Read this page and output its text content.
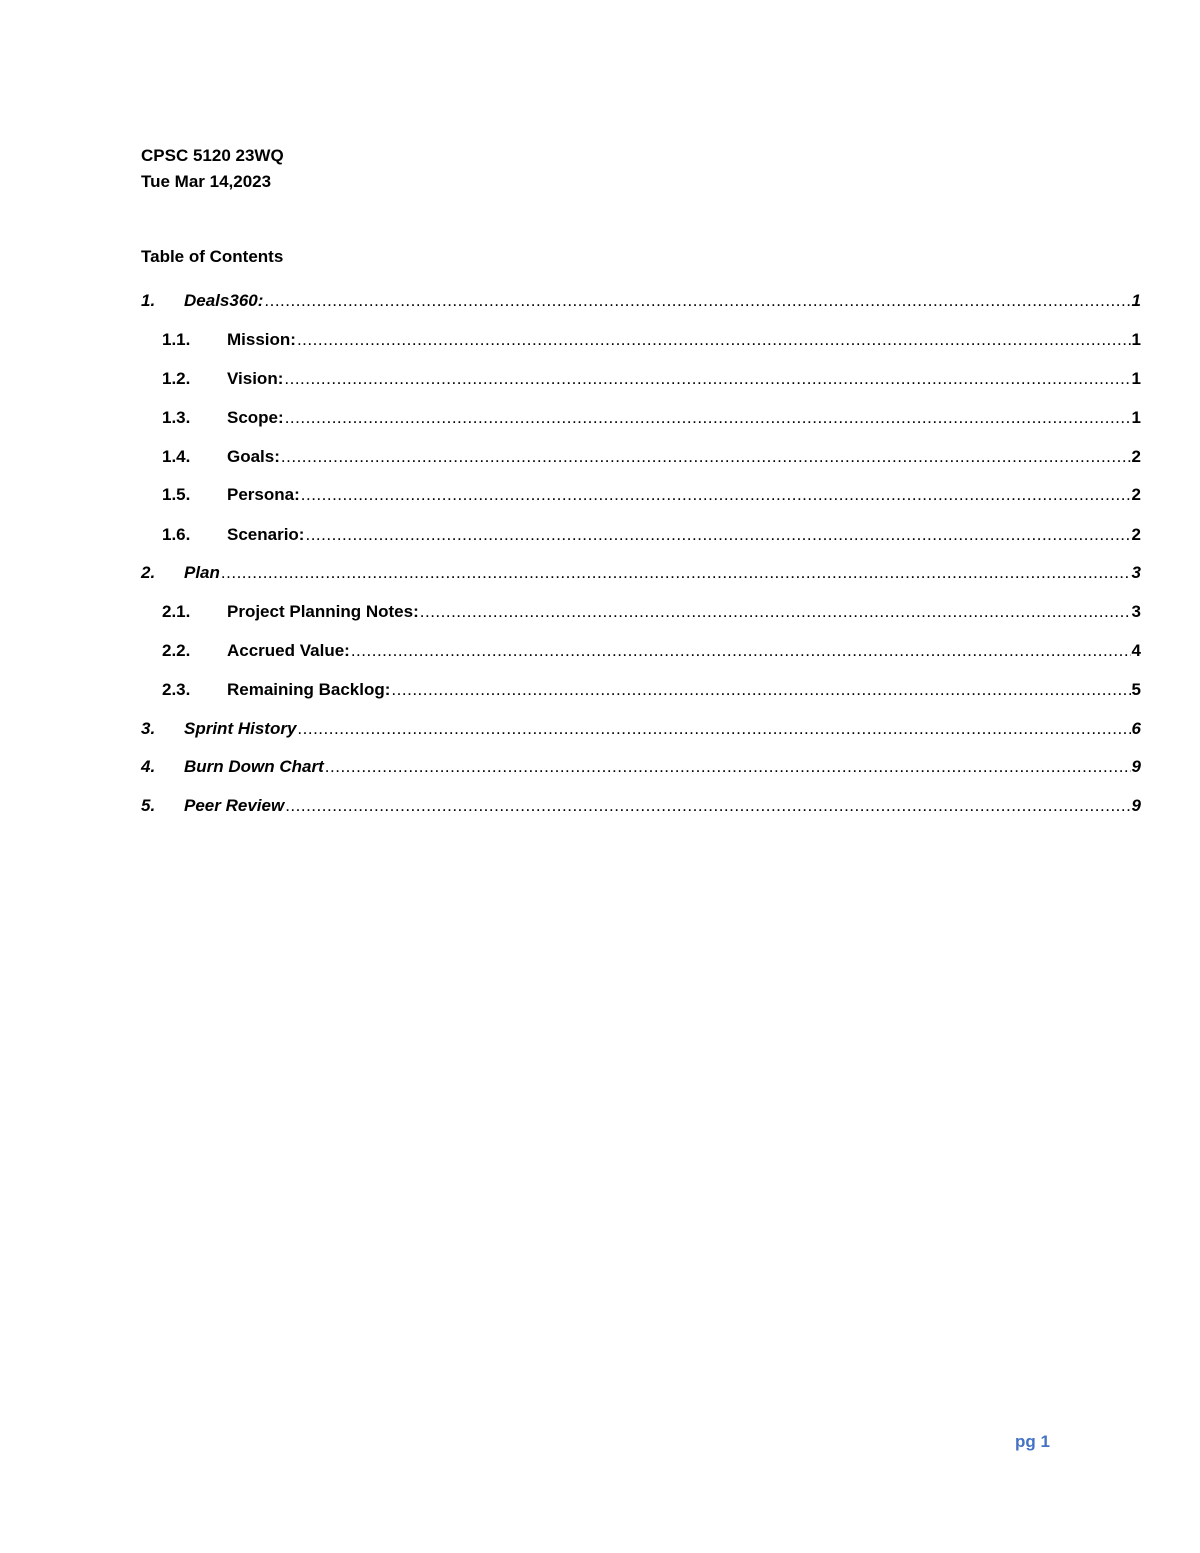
CPSC 5120 23WQ
Tue Mar 14,2023
Table of Contents
1.	Deals360: .....	1
1.1.	Mission: .....	1
1.2.	Vision: .....	1
1.3.	Scope: .....	1
1.4.	Goals: .....	2
1.5.	Persona: .....	2
1.6.	Scenario: .....	2
2.	Plan .....	3
2.1.	Project Planning Notes: .....	3
2.2.	Accrued Value: .....	4
2.3.	Remaining Backlog: .....	5
3.	Sprint History .....	6
4.	Burn Down Chart .....	9
5.	Peer Review .....	9
pg 1
